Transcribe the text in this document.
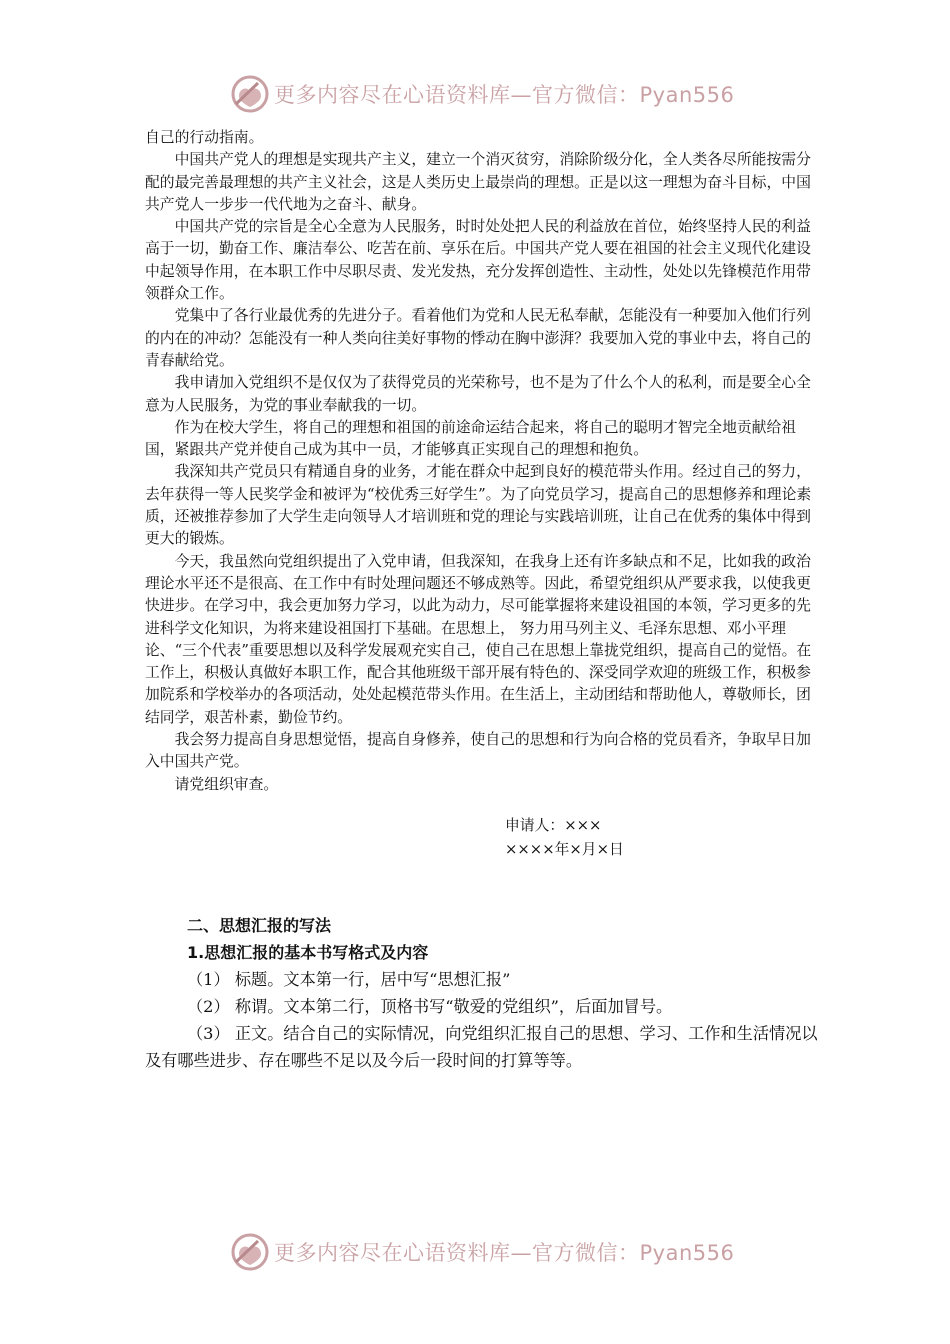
更多内容尽在心语资料库—官方微信：Pyan556

自己的行动指南。

中国共产党人的理想是实现共产主义，建立一个消灭贫穷，消除阶级分化，全人类各尽所能按需分配的最完善最理想的共产主义社会，这是人类历史上最崇尚的理想。正是以这一理想为奋斗目标，中国共产党人一步步一代代地为之奋斗、献身。

中国共产党的宗旨是全心全意为人民服务，时时处处把人民的利益放在首位，始终坚持人民的利益高于一切，勤奋工作、廉洁奉公、吃苦在前、享乐在后。中国共产党人要在祖国的社会主义现代化建设中起领导作用，在本职工作中尽职尽责、发光发热，充分发挥创造性、主动性，处处以先锋模范作用带领群众工作。

党集中了各行业最优秀的先进分子。看着他们为党和人民无私奉献，怎能没有一种要加入他们行列的内在的冲动？怎能没有一种人类向往美好事物的悸动在胸中澎湃？我要加入党的事业中去，将自己的青春献给党。

我申请加入党组织不是仅仅为了获得党员的光荣称号，也不是为了什么个人的私利，而是要全心全意为人民服务，为党的事业奉献我的一切。

作为在校大学生，将自己的理想和祖国的前途命运结合起来，将自己的聪明才智完全地贡献给祖国，紧跟共产党并使自己成为其中一员，才能够真正实现自己的理想和抱负。

我深知共产党员只有精通自身的业务，才能在群众中起到良好的模范带头作用。经过自己的努力，去年获得一等人民奖学金和被评为“校优秀三好学生”。为了向党员学习，提高自己的思想修养和理论素质，还被推荐参加了大学生走向领导人才培训班和党的理论与实践培训班，让自己在优秀的集体中得到更大的锻炼。

今天，我虽然向党组织提出了入党申请，但我深知，在我身上还有许多缺点和不足，比如我的政治理论水平还不是很高、在工作中有时处理问题还不够成熟等。因此，希望党组织从严要求我，以使我更快进步。在学习中，我会更加努力学习，以此为动力，尽可能掌握将来建设祖国的本领，学习更多的先进科学文化知识，为将来建设祖国打下基础。在思想上， 努力用马列主义、毛泽东思想、邓小平理论、“三个代表”重要思想以及科学发展观充实自己，使自己在思想上靠拢党组织，提高自己的觉悟。在工作上，积极认真做好本职工作，配合其他班级干部开展有特色的、深受同学欢迎的班级工作，积极参加院系和学校举办的各项活动，处处起模范带头作用。在生活上，主动团结和帮助他人，尊敬师长，团结同学，艰苦朴素，勤俭节约。

我会努力提高自身思想觉悟，提高自身修养，使自己的思想和行为向合格的党员看齐，争取早日加入中国共产党。

请党组织审查。

申请人：×××
××××年×月×日

二、思想汇报的写法

1.思想汇报的基本书写格式及内容

（1） 标题。文本第一行，居中写“思想汇报”

（2） 称谓。文本第二行，顶格书写“敬爱的党组织”，后面加冒号。

（3） 正文。结合自己的实际情况，向党组织汇报自己的思想、学习、工作和生活情况以及有哪些进步、存在哪些不足以及今后一段时间的打算等等。

更多内容尽在心语资料库—官方微信：Pyan556
